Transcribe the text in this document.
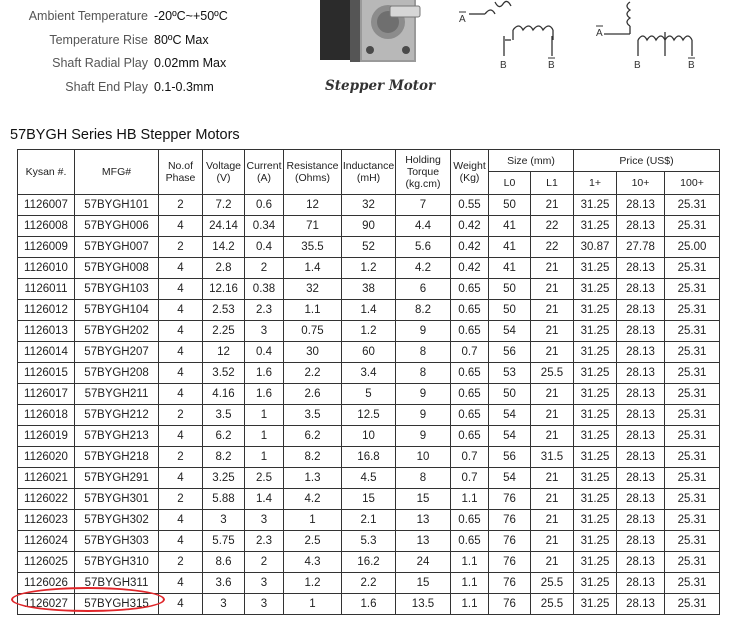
Ambient Temperature -20ºC~+50ºC
Temperature Rise 80ºC Max
Shaft Radial Play 0.02mm Max
Shaft End Play 0.1-0.3mm	Stepper Motor
A
B	B
A
B	B
57BYGH Series HB Stepper Motors
Kysan #.	MFG#	No.of Phase	Voltage (V)	Current (A)	Resistance (Ohms)	Inductance (mH)	Holding Torque (kg.cm)	Weight (Kg)	Size (mm)		Price (US$)		
									L0	L1	1+	10+	100+
1126007	57BYGH101	2	7.2	0.6	12	32	7	0.55	50	21	31.25	28.13	25.31
1126008	57BYGH006	4	24.14	0.34	71	90	4.4	0.42	41	22	31.25	28.13	25.31
1126009	57BYGH007	2	14.2	0.4	35.5	52	5.6	0.42	41	22	30.87	27.78	25.00
1126010	57BYGH008	4	2.8	2	1.4	1.2	4.2	0.42	41	21	31.25	28.13	25.31
1126011	57BYGH103	4	12.16	0.38	32	38	6	0.65	50	21	31.25	28.13	25.31
1126012	57BYGH104	4	2.53	2.3	1.1	1.4	8.2	0.65	50	21	31.25	28.13	25.31
1126013	57BYGH202	4	2.25	3	0.75	1.2	9	0.65	54	21	31.25	28.13	25.31
1126014	57BYGH207	4	12	0.4	30	60	8	0.7	56	21	31.25	28.13	25.31
1126015	57BYGH208	4	3.52	1.6	2.2	3.4	8	0.65	53	25.5	31.25	28.13	25.31
1126017	57BYGH211	4	4.16	1.6	2.6	5	9	0.65	50	21	31.25	28.13	25.31
1126018	57BYGH212	2	3.5	1	3.5	12.5	9	0.65	54	21	31.25	28.13	25.31
1126019	57BYGH213	4	6.2	1	6.2	10	9	0.65	54	21	31.25	28.13	25.31
1126020	57BYGH218	2	8.2	1	8.2	16.8	10	0.7	56	31.5	31.25	28.13	25.31
1126021	57BYGH291	4	3.25	2.5	1.3	4.5	8	0.7	54	21	31.25	28.13	25.31
1126022	57BYGH301	2	5.88	1.4	4.2	15	15	1.1	76	21	31.25	28.13	25.31
1126023	57BYGH302	4	3	3	1	2.1	13	0.65	76	21	31.25	28.13	25.31
1126024	57BYGH303	4	5.75	2.3	2.5	5.3	13	0.65	76	21	31.25	28.13	25.31
1126025	57BYGH310	2	8.6	2	4.3	16.2	24	1.1	76	21	31.25	28.13	25.31
1126026	57BYGH311	4	3.6	3	1.2	2.2	15	1.1	76	25.5	31.25	28.13	25.31
1126027	57BYGH315	4	3	3	1	1.6	13.5	1.1	76	25.5	31.25	28.13	25.31
